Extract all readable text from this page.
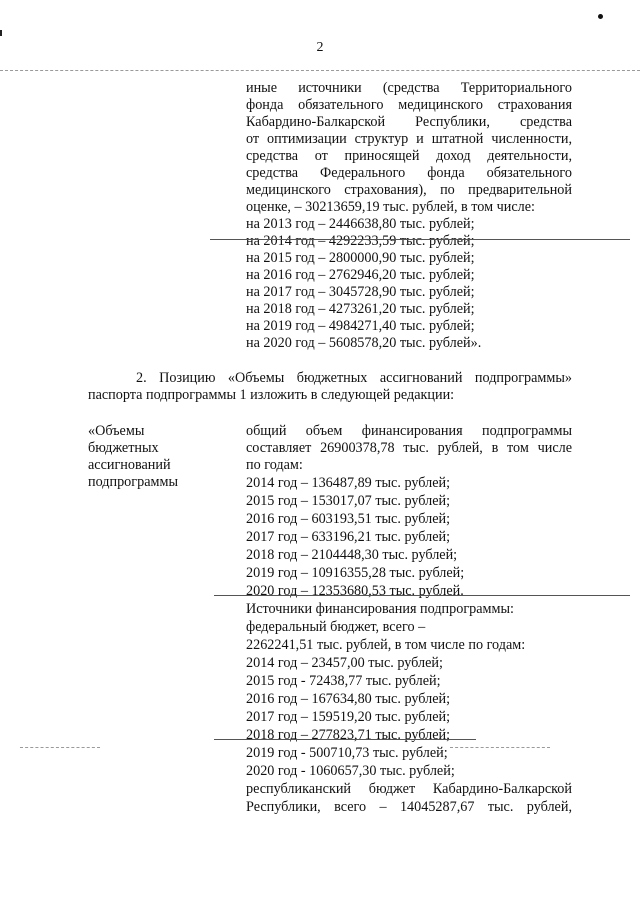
2
иные источники (средства Территориального
фонда обязательного медицинского страхования
Кабардино-Балкарской Республики, средства
от оптимизации структур и штатной численности,
средства от приносящей доход деятельности,
средства Федерального фонда обязательного
медицинского страхования), по предварительной
оценке, – 30213659,19 тыс. рублей, в том числе:
на 2013 год – 2446638,80 тыс. рублей;
на 2014 год – 4292233,59 тыс. рублей;
на 2015 год – 2800000,90 тыс. рублей;
на 2016 год – 2762946,20 тыс. рублей;
на 2017 год – 3045728,90 тыс. рублей;
на 2018 год – 4273261,20 тыс. рублей;
на 2019 год – 4984271,40 тыс. рублей;
на 2020 год – 5608578,20 тыс. рублей».
2. Позицию «Объемы бюджетных ассигнований подпрограммы»
паспорта подпрограммы 1 изложить в следующей редакции:
«Объемы
бюджетных
ассигнований
подпрограммы
общий объем финансирования подпрограммы
составляет 26900378,78 тыс. рублей, в том числе
по годам:
2014 год – 136487,89 тыс. рублей;
2015 год – 153017,07 тыс. рублей;
2016 год – 603193,51 тыс. рублей;
2017 год – 633196,21 тыс. рублей;
2018 год – 2104448,30 тыс. рублей;
2019 год – 10916355,28 тыс. рублей;
2020 год – 12353680,53 тыс. рублей.
Источники финансирования подпрограммы:
федеральный бюджет, всего –
2262241,51 тыс. рублей, в том числе по годам:
2014 год – 23457,00 тыс. рублей;
2015 год - 72438,77 тыс. рублей;
2016 год – 167634,80 тыс. рублей;
2017 год – 159519,20 тыс. рублей;
2018 год – 277823,71 тыс. рублей;
2019 год - 500710,73 тыс. рублей;
2020 год - 1060657,30 тыс. рублей;
республиканский бюджет Кабардино-Балкарской
Республики, всего – 14045287,67 тыс. рублей,
